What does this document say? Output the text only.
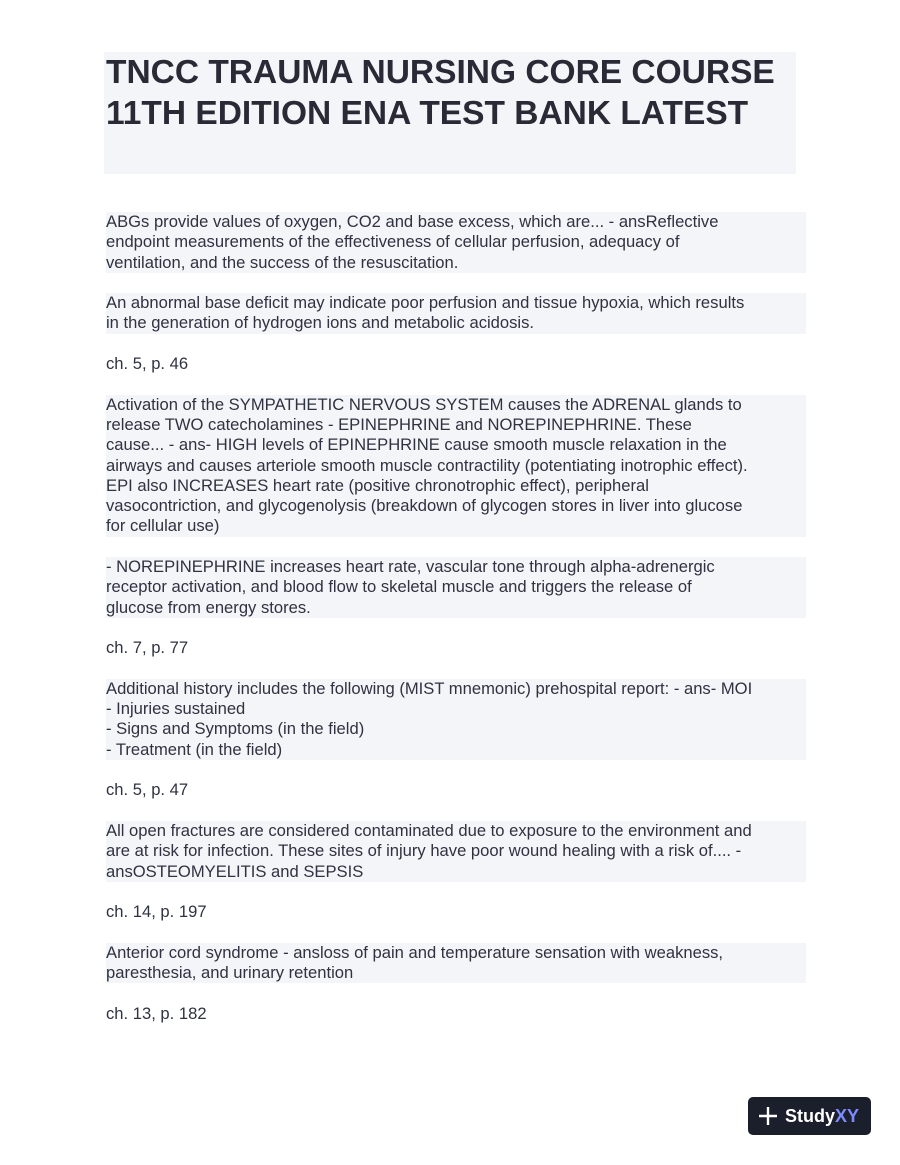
TNCC TRAUMA NURSING CORE COURSE 11TH EDITION ENA TEST BANK LATEST

ABGs provide values of oxygen, CO2 and base excess, which are... - ansReflective
endpoint measurements of the effectiveness of cellular perfusion, adequacy of
ventilation, and the success of the resuscitation.

An abnormal base deficit may indicate poor perfusion and tissue hypoxia, which results
in the generation of hydrogen ions and metabolic acidosis.

ch. 5, p. 46

Activation of the SYMPATHETIC NERVOUS SYSTEM causes the ADRENAL glands to
release TWO catecholamines - EPINEPHRINE and NOREPINEPHRINE. These
cause... - ans- HIGH levels of EPINEPHRINE cause smooth muscle relaxation in the
airways and causes arteriole smooth muscle contractility (potentiating inotrophic effect).
EPI also INCREASES heart rate (positive chronotrophic effect), peripheral
vasocontriction, and glycogenolysis (breakdown of glycogen stores in liver into glucose
for cellular use)

- NOREPINEPHRINE increases heart rate, vascular tone through alpha-adrenergic
receptor activation, and blood flow to skeletal muscle and triggers the release of
glucose from energy stores.

ch. 7, p. 77

Additional history includes the following (MIST mnemonic) prehospital report: - ans- MOI
- Injuries sustained
- Signs and Symptoms (in the field)
- Treatment (in the field)

ch. 5, p. 47

All open fractures are considered contaminated due to exposure to the environment and
are at risk for infection. These sites of injury have poor wound healing with a risk of.... -
ansOSTEOMYELITIS and SEPSIS

ch. 14, p. 197

Anterior cord syndrome - ansloss of pain and temperature sensation with weakness,
paresthesia, and urinary retention

ch. 13, p. 182

StudyXY
